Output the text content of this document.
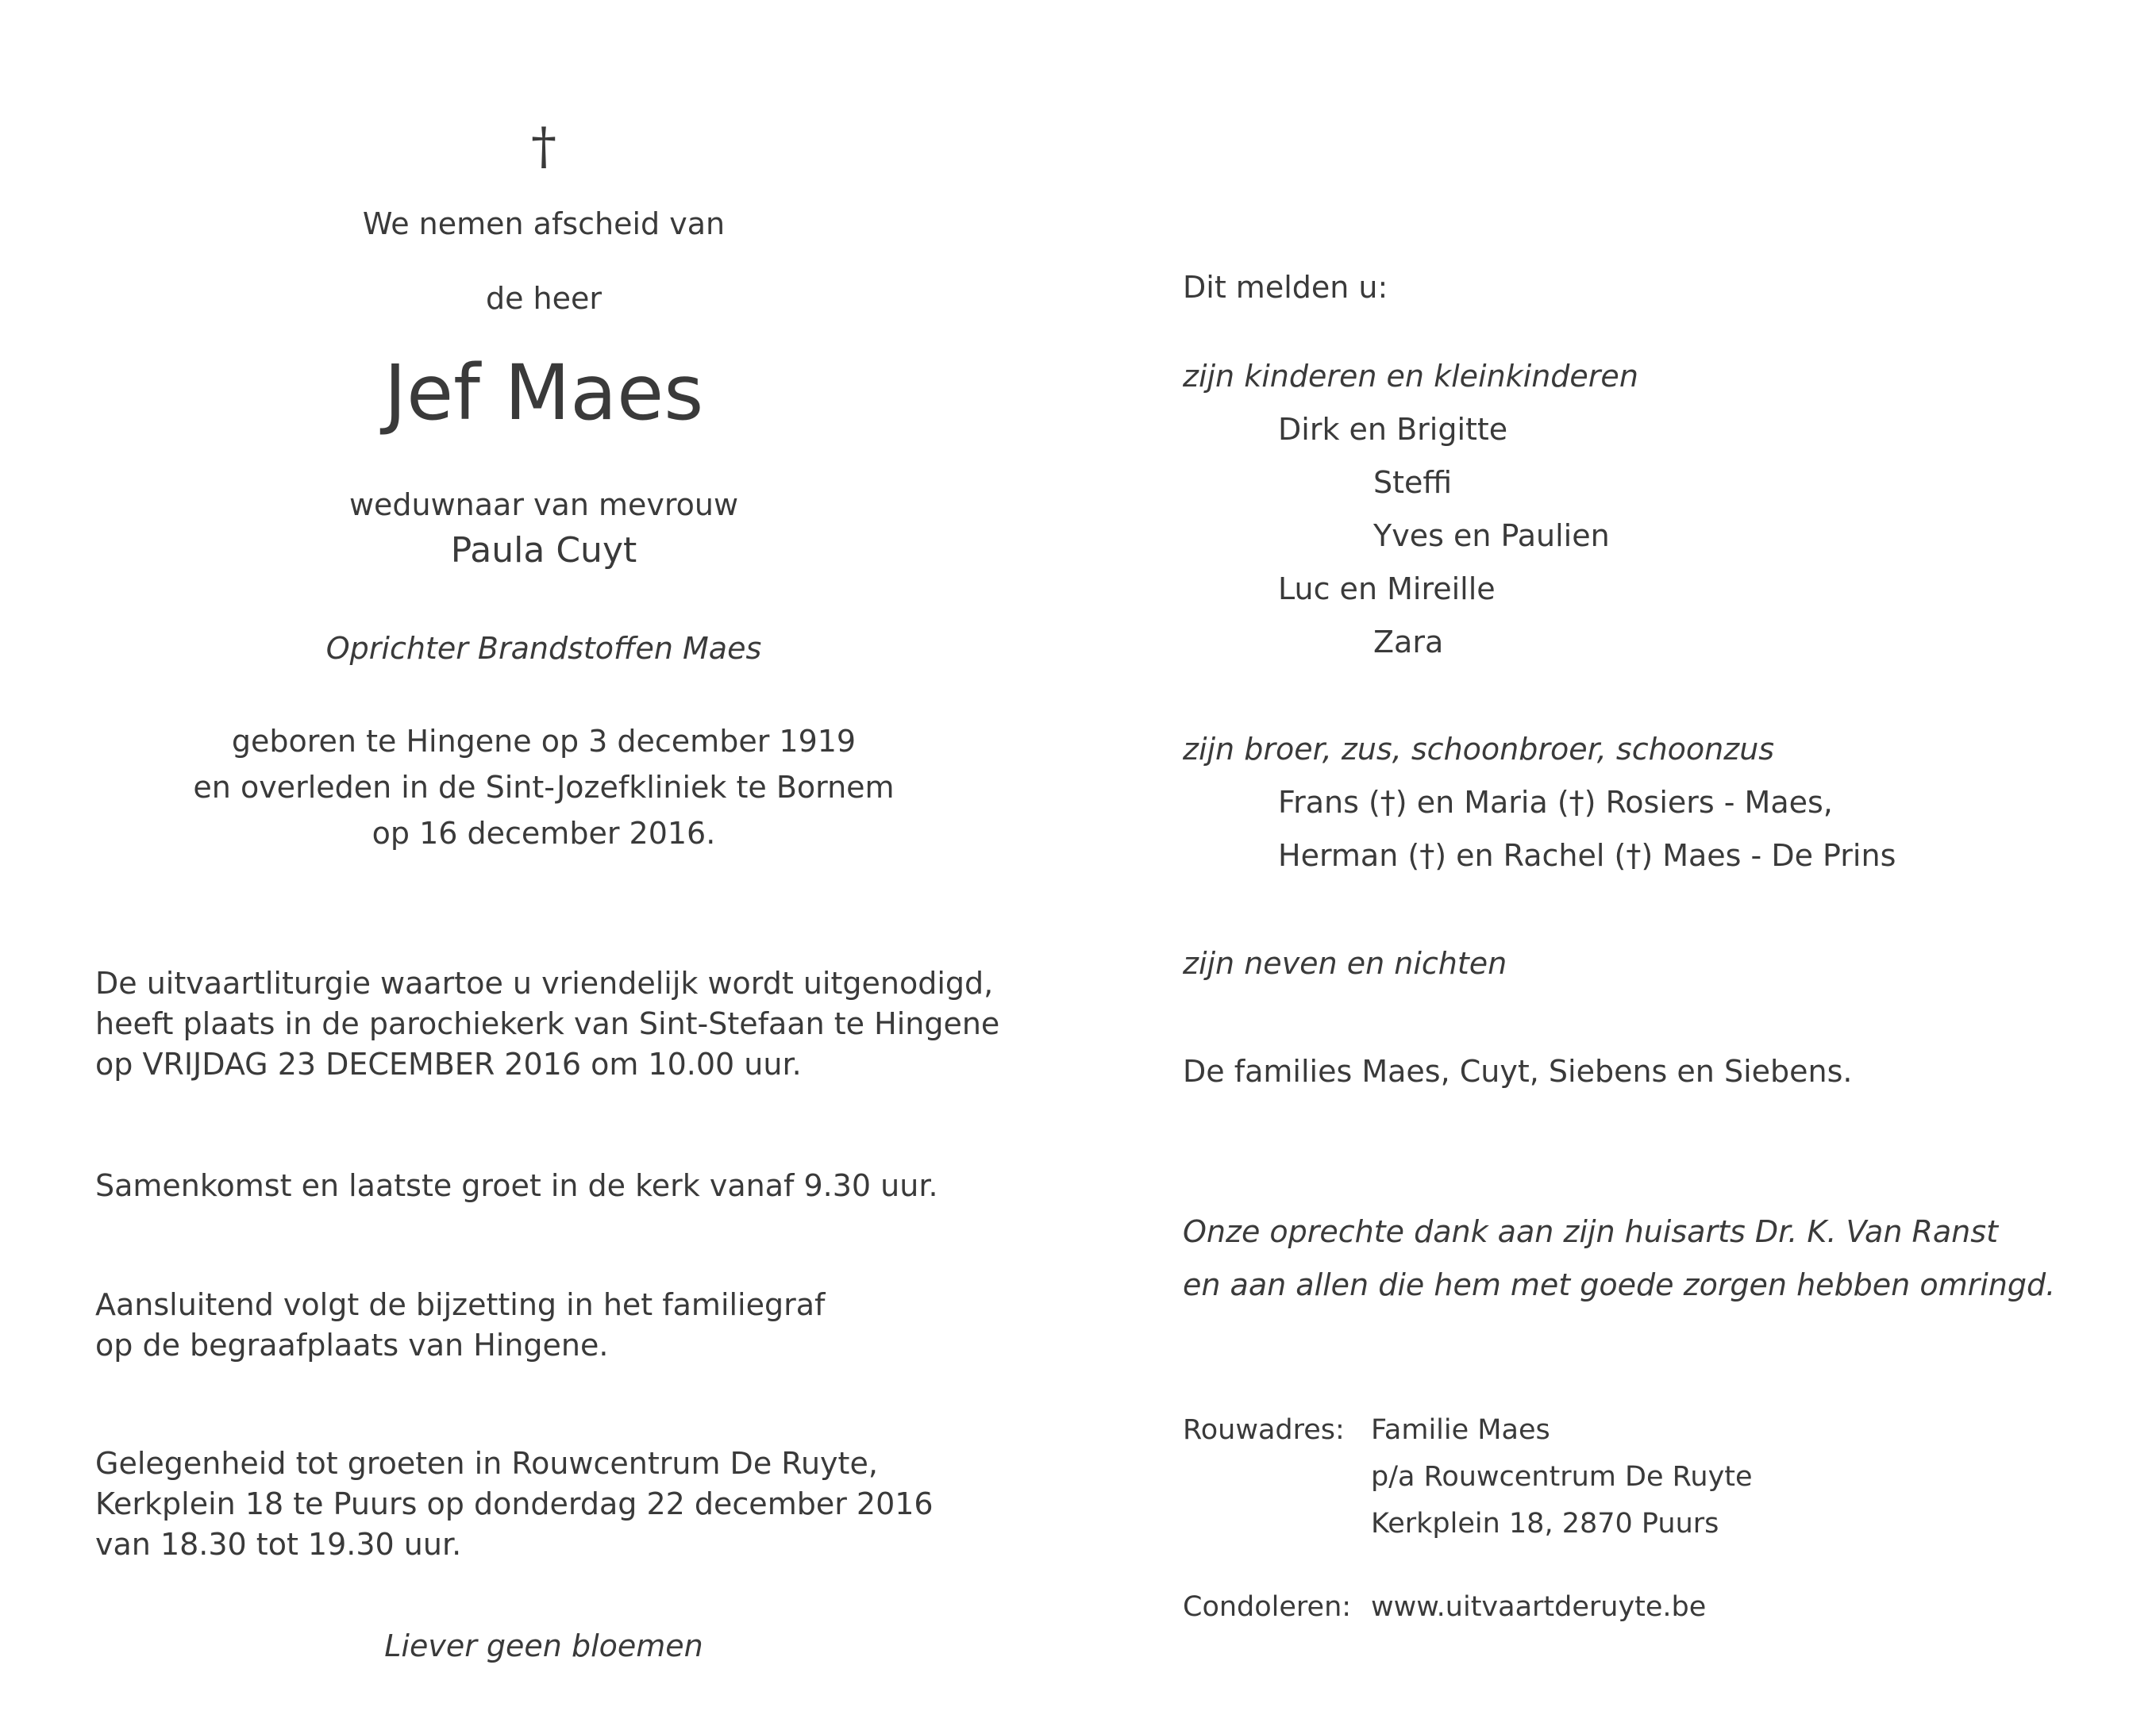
†
We nemen afscheid van
de heer
Jef Maes
weduwnaar van mevrouw
Paula Cuyt
Oprichter Brandstoffen Maes
geboren te Hingene op 3 december 1919
en overleden in de Sint-Jozefkliniek te Bornem
op 16 december 2016.
De uitvaartliturgie waartoe u vriendelijk wordt uitgenodigd,
heeft plaats in de parochiekerk van Sint-Stefaan te Hingene
op VRIJDAG 23 DECEMBER 2016 om 10.00 uur.
Samenkomst en laatste groet in de kerk vanaf 9.30 uur.
Aansluitend volgt de bijzetting in het familiegraf
op de begraafplaats van Hingene.
Gelegenheid tot groeten in Rouwcentrum De Ruyte,
Kerkplein 18 te Puurs op donderdag 22 december 2016
van 18.30 tot 19.30 uur.
Liever geen bloemen
Dit melden u:
zijn kinderen en kleinkinderen
Dirk en Brigitte
Steffi
Yves en Paulien
Luc en Mireille
Zara
zijn broer, zus, schoonbroer, schoonzus
Frans (†) en Maria (†) Rosiers - Maes,
Herman (†) en Rachel (†) Maes - De Prins
zijn neven en nichten
De families Maes, Cuyt, Siebens en Siebens.
Onze oprechte dank aan zijn huisarts Dr. K. Van Ranst
en aan allen die hem met goede zorgen hebben omringd.
Rouwadres: Familie Maes
p/a Rouwcentrum De Ruyte
Kerkplein 18, 2870 Puurs
Condoleren: www.uitvaartderuyte.be
